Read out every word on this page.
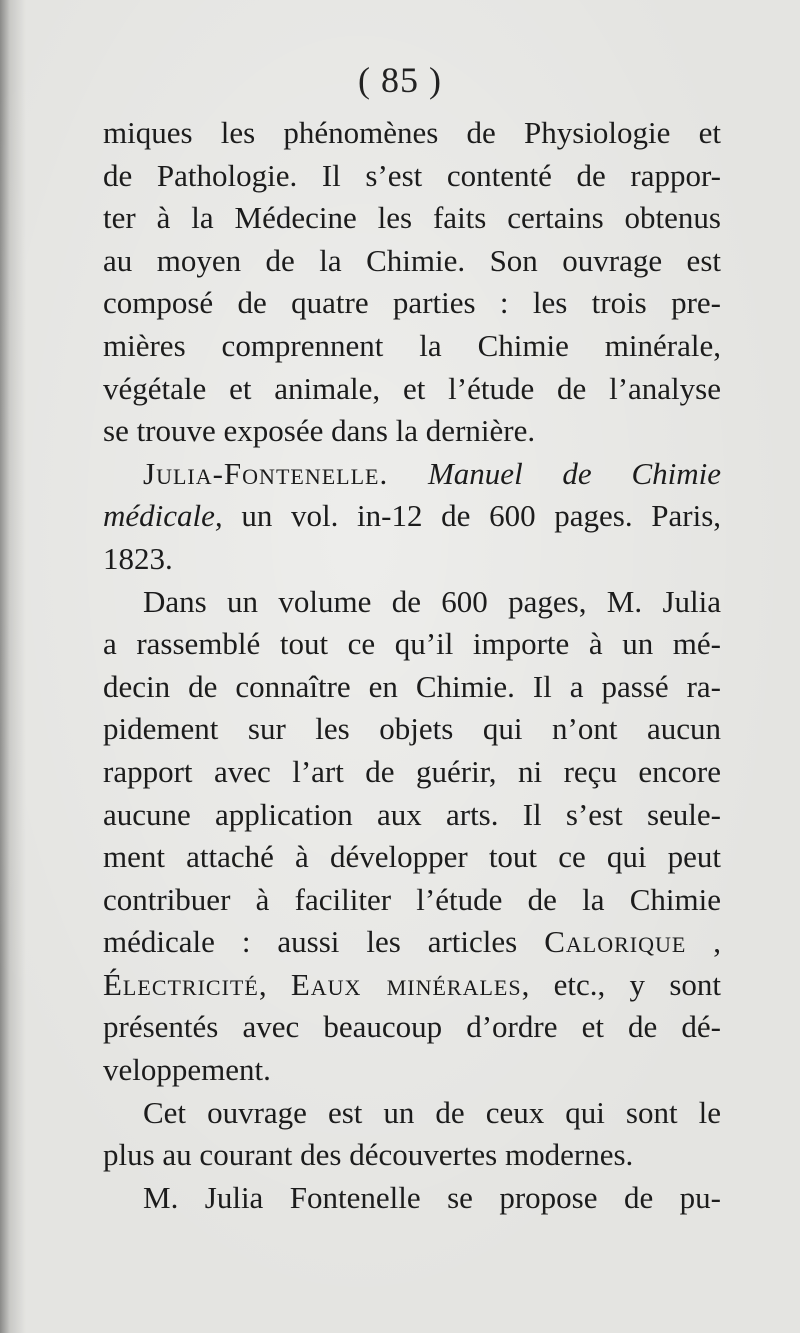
( 85 )
miques les phénomènes de Physiologie et
de Pathologie. Il s’est contenté de rappor-
ter à la Médecine les faits certains obtenus
au moyen de la Chimie. Son ouvrage est
composé de quatre parties : les trois pre-
mières comprennent la Chimie minérale,
végétale et animale, et l’étude de l’analyse
se trouve exposée dans la dernière.
Julia-Fontenelle. Manuel de Chimie
médicale, un vol. in-12 de 600 pages. Paris,
1823.
Dans un volume de 600 pages, M. Julia
a rassemblé tout ce qu’il importe à un mé-
decin de connaître en Chimie. Il a passé ra-
pidement sur les objets qui n’ont aucun
rapport avec l’art de guérir, ni reçu encore
aucune application aux arts. Il s’est seule-
ment attaché à développer tout ce qui peut
contribuer à faciliter l’étude de la Chimie
médicale : aussi les articles Calorique ,
Électricité, Eaux minérales, etc., y sont
présentés avec beaucoup d’ordre et de dé-
veloppement.
Cet ouvrage est un de ceux qui sont le
plus au courant des découvertes modernes.
M. Julia Fontenelle se propose de pu-
